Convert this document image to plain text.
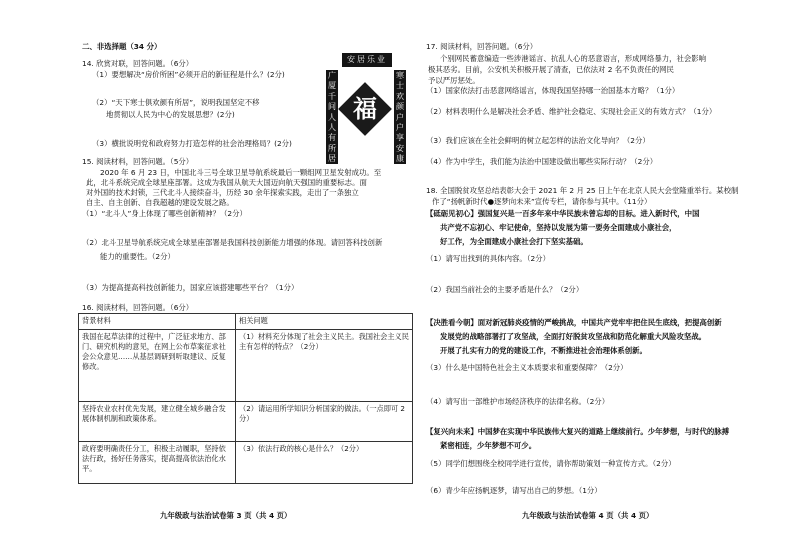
二、非选择题（34 分）
14. 欣赏对联，回答问题。（6分）
（1）要想解决“房价所困”必须开启的新征程是什么？(2分)
（2）“天下寒士俱欢颜有所居”，说明我国坚定不移
地贯彻以人民为中心的发展思想？(2分)
（3）横批说明党和政府努力打造怎样的社会治理格局？(2分)
安居乐业
广厦千间人人有所居
寒士欢颜户户享安康
福
15. 阅读材料，回答问题。（5分）
2020 年 6 月 23 日，中国北斗三号全球卫星导航系统最后一颗组网卫星发射成功。至
此，北斗系统完成全球星座部署。这成为我国从航天大国迈向航天强国的重要标志。面
对外国的技术封锁，三代北斗人接续奋斗，历经 30 余年探索实践，走出了一条独立
自主、自主创新、自我超越的建设发展之路。
（1）“北斗人”身上体现了哪些创新精神？（2分）
（2）北斗卫星导航系统完成全球星座部署是我国科技创新能力增强的体现。请回答科技创新
能力的重要性。（2分）
（3）为提高提高科技创新能力，国家应该搭建哪些平台？（1分）
16. 阅读材料，回答问题。（6分）
背景材料	相关问题
我国在起草法律的过程中，广泛征求地方、部门、研究机构的意见，在网上公布草案征求社会公众意见……从基层调研到听取建议、反复修改。	（1）材料充分体现了社会主义民主。我国社会主义民主有怎样的特点？（2分）
坚持农业农村优先发展，建立健全城乡融合发展体制机制和政策体系。	（2）请运用所学知识分析国家的做法。（一点即可 2 分）
政府要明确责任分工，积极主动履职，坚持依法行政，扬好任务落实，提高提高依法治化水平。	（3）依法行政的核心是什么？（2分）
九年级政与法治试卷第 3 页（共 4 页）
17. 阅读材料，回答问题。（6分）
个别网民蓄意编造一些涉港谣言、抗乱人心的恶意语言，形成网络暴力，社会影响
极其恶劣。目前，公安机关积极开展了清查，已依法对 2 名不负责任的网民
予以严厉惩处。
（1）国家依法打击恶意网络谣言，体现我国坚持哪一治国基本方略？（1分）
（2）材料表明什么是解决社会矛盾、维护社会稳定、实现社会正义的有效方式？（1分）
（3）我们应该在全社会鲜明的树立起怎样的法治文化导向？（2分）
（4）作为中学生，我们能为法治中国建设做出哪些实际行动？（2分）
18. 全国脱贫攻坚总结表彰大会于 2021 年 2 月 25 日上午在北京人民大会堂隆重举行。某校制
作了“扬帆新时代●逐梦向未来”宣传专栏，请你参与其中。（11分）
【砥砺见初心】强国复兴是一百多年来中华民族未曾忘却的目标。进入新时代，中国
共产党不忘初心、牢记使命，坚持以发展为第一要务全面建成小康社会，
好工作，为全面建成小康社会打下坚实基础。
（1）请写出找到的具体内容。（2分）
（2）我国当前社会的主要矛盾是什么？（2分）
【决胜看今朝】面对新冠肺炎疫情的严峻挑战，中国共产党牢牢把住民生底线，把提高创新
发展党的战略部署打了攻坚战，全面打好脱贫攻坚战和防范化解重大风险攻坚战。
开展了扎实有力的党的建设工作，不断推进社会治理体系创新。
（3）什么是中国特色社会主义本质要求和重要保障？（2分）
（4）请写出一部维护市场经济秩序的法律名称。（2分）
【复兴向未来】中国梦在实现中华民族伟大复兴的道路上继续前行。少年梦想，与时代的脉搏
紧密相连，少年梦想不可少。
（5）同学们想围绕全校同学进行宣传，请你帮助策划一种宣传方式。（2分）
（6）青少年应扬帆逐梦，请写出自己的梦想。（1分）
九年级政与法治试卷第 4 页（共 4 页）
